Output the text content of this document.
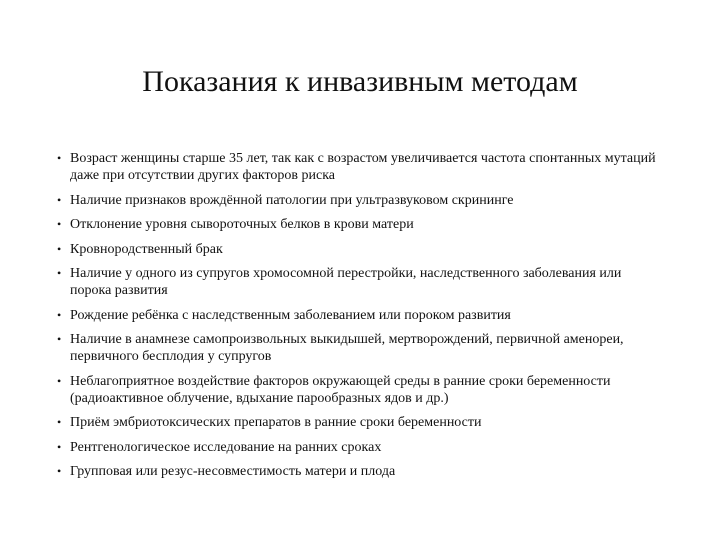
Показания к инвазивным методам
• Возраст женщины старше 35 лет, так как с возрастом увеличивается частота спонтанных мутаций даже при отсутствии других факторов риска
• Наличие признаков врождённой патологии при ультразвуковом скрининге
• Отклонение уровня сывороточных белков в крови матери
• Кровнородственный брак
• Наличие у одного из супругов хромосомной перестройки, наследственного заболевания или порока развития
• Рождение ребёнка с наследственным заболеванием или пороком развития
• Наличие в анамнезе самопроизвольных выкидышей, мертворождений, первичной аменореи, первичного бесплодия у супругов
• Неблагоприятное воздействие факторов окружающей среды в ранние сроки беременности (радиоактивное облучение, вдыхание парообразных ядов и др.)
• Приём эмбриотоксических препаратов в ранние сроки беременности
• Рентгенологическое исследование на ранних сроках
• Групповая или резус-несовместимость матери и плода
